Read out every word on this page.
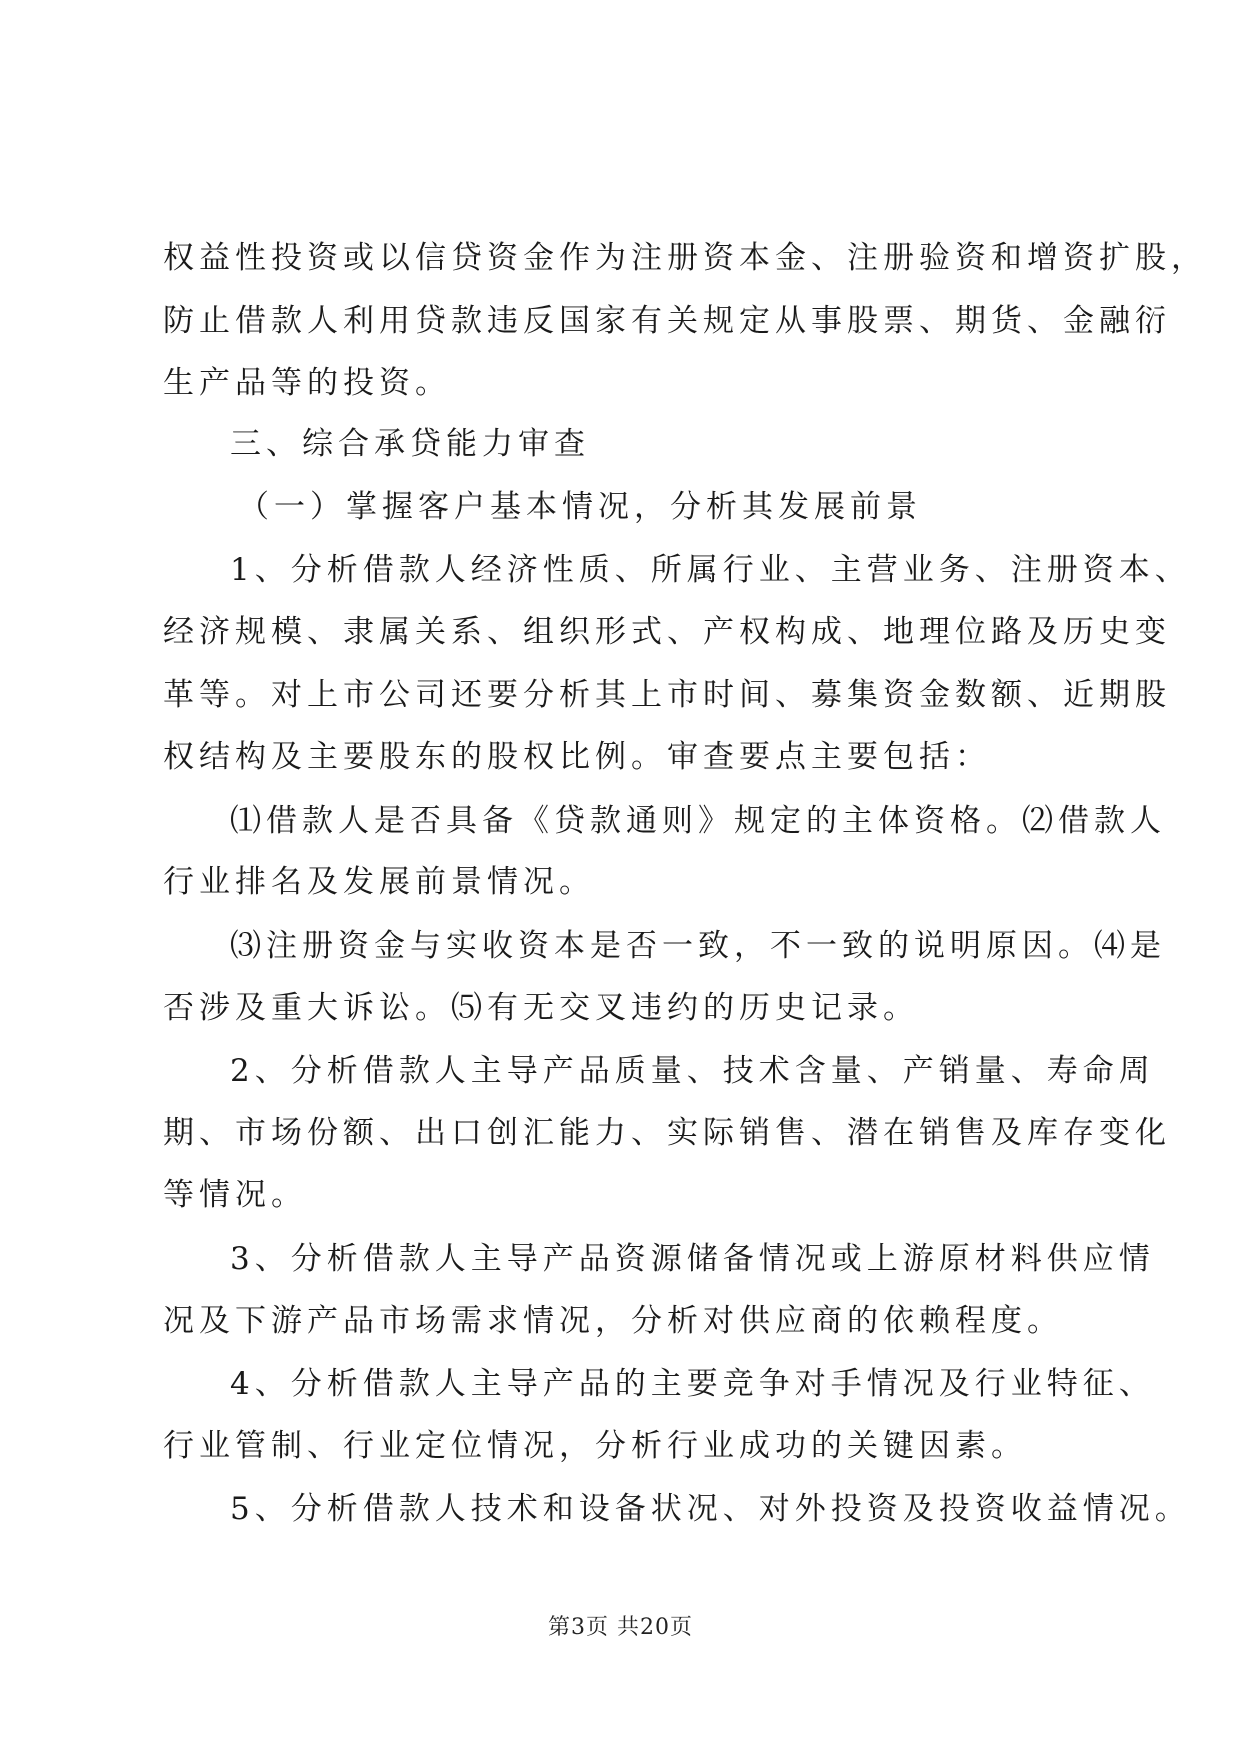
权益性投资或以信贷资金作为注册资本金、注册验资和增资扩股，
防止借款人利用贷款违反国家有关规定从事股票、期货、金融衍
生产品等的投资。
三、综合承贷能力审查
（一）掌握客户基本情况，分析其发展前景
1、分析借款人经济性质、所属行业、主营业务、注册资本、
经济规模、隶属关系、组织形式、产权构成、地理位路及历史变
革等。对上市公司还要分析其上市时间、募集资金数额、近期股
权结构及主要股东的股权比例。审查要点主要包括：
⑴借款人是否具备《贷款通则》规定的主体资格。⑵借款人
行业排名及发展前景情况。
⑶注册资金与实收资本是否一致，不一致的说明原因。⑷是
否涉及重大诉讼。⑸有无交叉违约的历史记录。
2、分析借款人主导产品质量、技术含量、产销量、寿命周
期、市场份额、出口创汇能力、实际销售、潜在销售及库存变化
等情况。
3、分析借款人主导产品资源储备情况或上游原材料供应情
况及下游产品市场需求情况，分析对供应商的依赖程度。
4、分析借款人主导产品的主要竞争对手情况及行业特征、
行业管制、行业定位情况，分析行业成功的关键因素。
5、分析借款人技术和设备状况、对外投资及投资收益情况。
第3页 共20页
